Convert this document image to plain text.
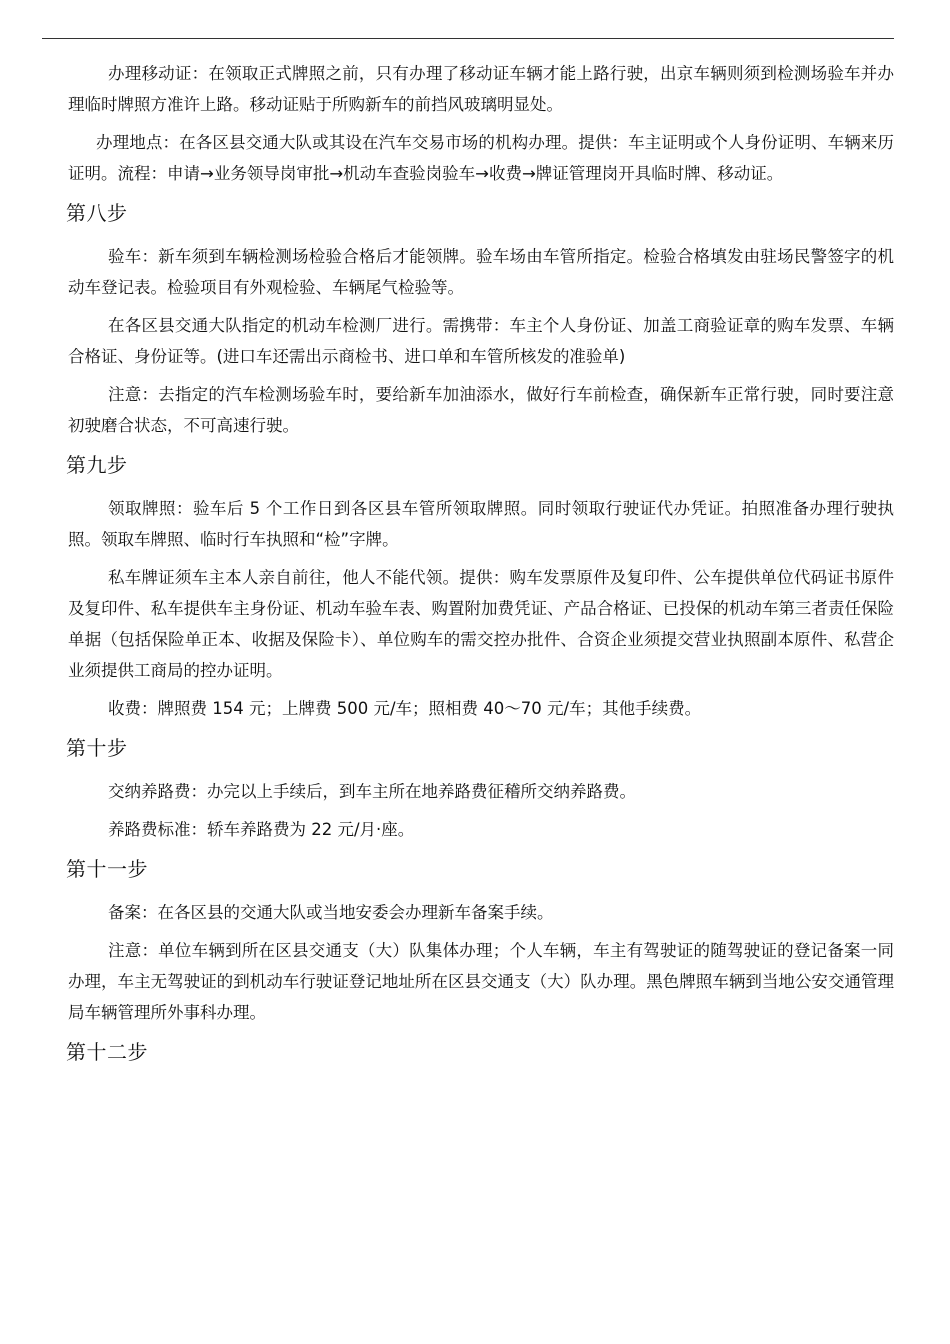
办理移动证：在领取正式牌照之前，只有办理了移动证车辆才能上路行驶，出京车辆则须到检测场验车并办理临时牌照方准许上路。移动证贴于所购新车的前挡风玻璃明显处。

办理地点：在各区县交通大队或其设在汽车交易市场的机构办理。提供：车主证明或个人身份证明、车辆来历证明。流程：申请→业务领导岗审批→机动车查验岗验车→收费→牌证管理岗开具临时牌、移动证。

第八步

验车：新车须到车辆检测场检验合格后才能领牌。验车场由车管所指定。检验合格填发由驻场民警签字的机动车登记表。检验项目有外观检验、车辆尾气检验等。

在各区县交通大队指定的机动车检测厂进行。需携带：车主个人身份证、加盖工商验证章的购车发票、车辆合格证、身份证等。(进口车还需出示商检书、进口单和车管所核发的准验单)

注意：去指定的汽车检测场验车时，要给新车加油添水，做好行车前检查，确保新车正常行驶，同时要注意初驶磨合状态，不可高速行驶。

第九步

领取牌照：验车后 5 个工作日到各区县车管所领取牌照。同时领取行驶证代办凭证。拍照准备办理行驶执照。领取车牌照、临时行车执照和“检”字牌。

私车牌证须车主本人亲自前往，他人不能代领。提供：购车发票原件及复印件、公车提供单位代码证书原件及复印件、私车提供车主身份证、机动车验车表、购置附加费凭证、产品合格证、已投保的机动车第三者责任保险单据（包括保险单正本、收据及保险卡）、单位购车的需交控办批件、合资企业须提交营业执照副本原件、私营企业须提供工商局的控办证明。

收费：牌照费 154 元；上牌费 500 元/车；照相费 40～70 元/车；其他手续费。

第十步

交纳养路费：办完以上手续后，到车主所在地养路费征稽所交纳养路费。

养路费标准：轿车养路费为 22 元/月·座。

第十一步

备案：在各区县的交通大队或当地安委会办理新车备案手续。

注意：单位车辆到所在区县交通支（大）队集体办理；个人车辆，车主有驾驶证的随驾驶证的登记备案一同办理，车主无驾驶证的到机动车行驶证登记地址所在区县交通支（大）队办理。黑色牌照车辆到当地公安交通管理局车辆管理所外事科办理。

第十二步
